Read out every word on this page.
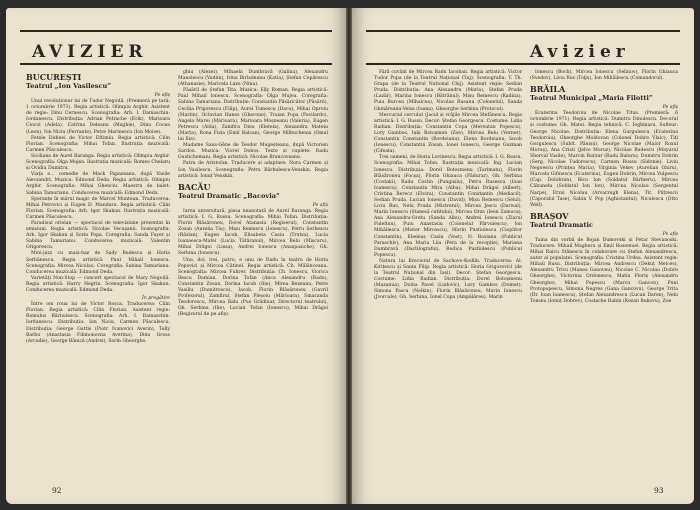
AVIZIER

BUCUREȘTI

Teatrul „Ion Vasilescu”

Pe afiș

Unul revoluționar lui de Tudor Negoiță. (Premieră pe țară: 1 octombrie 1971). Regia artistică: Olimpiu Arghir. Asistent de regie: Dinu Cernescu. Scenografia: Arh. I. Damaschin-Iordanescu. Distribuția: Adrian Petrache (Erik), Marioara Ciocoi (Adela), Catrina Deleanu (Maghie), Dinu Cocea (Leon), Ion Niciu (Ferrante), Petre Marinescu (Ion Moise).

Fetele Didinei de Victor Eftimiu. Regia artistică: Cilin Florian. Scenografia: Mihai Tofan. Ilustrația muzicală: Carmen Păsculescu.

Siciliana de Aurel Baranga. Regia artistică: Olimpiu Arghir. Scenografia: Olga Mujea. Ilustrația muzicală: Romeo Chelaru și Ovidiu Dumitru.

Viața e... comedie de Mack Papazeanu, după Vasile Alecsandri. Muzica: Edmond Deda. Regia artistică: Olimpiu Arghir. Scenografia: Mihai Ghenciu. Maestru de balet: Sabina Tamurianu. Conducerea muzicală: Edmond Deda.

Speranțe în mărul magic de Marcel Muntean. Traducerea: Mihai Petrovici și Eugen D. Mandaru. Regia artistică: Cilin Florian. Scenografia: Arh. Igor Skakun. Ilustrația muzicală: Carmen Păsculescu.

Paradisul oriolan — spectacol de televiziune prezentat în emisiuni. Regia artistică: Nicolae Vecușanii. Scenografia: Arh. Igor Skakun și Sorin Popa. Coregrafia: Sanda Fayer și Sabina Tamurianu. Conducerea muzicală: Valentin Grigorescu.

Mini-jazz cu maxi-haz de Sady Budescu și Horia Șerbănescu. Regia artistică: Paul Mihail Ionescu. Scenografia: Mircea Nicolau. Coregrafia: Sabina Tamurianu. Conducerea muzicală: Edmond Deda.

Varietăți Non-Stop — concert spectacol de Mary Negoiță. Regia artistică: Harry Negrin. Scenografia: Igor Skakun. Conducerea muzicală: Edmond Deda.

În pregătire

Între om roua lui de Victor Roșca. Traducerea: Cilin Florian. Regia artistică: Cilin Florian. Asistent regie: Romulus Bărbulescu. Scenografia: Arh. I. Damaschin-Iordanescu. Distribuția: Ion Niciu, Carmen Păsculescu. Distribuția: George Gattis (Piotr Ivanovici Averin), Telly Barbu (Anastasia Filimonovna Averina), Dinu Gross (Arcadie), George Bănică (Andrei), Sorin Gheorghe.

ghiu (Alexei), Mihaela Dumbravă (Galina), Alexandru Manolescu (Vadim), Irina Birladeanu (Katia), Ștefan Cepărescu (Athanasie), Maricela Lazu (Nina).

Păsăril de Ștefan Tita. Muzica: Elly Roman. Regia artistică: Paul Mihail Ionescu. Scenografia: Olga Mujea. Coregrafia: Sabina Tamurianu. Distribuție: Constantin Păsăricător (Păsăril), Cecilia Prigorescu (Filip), Aurel Tomescu (Dacu), Mihai Oproiu (Martin), Octavian Hanes (Gherone), Traian Popa (Pavilardo), Angela Marei (Mărioara), Marioara Moșneanu (Valeria), Eugen Petrescu (Alda), Zamfira Dieu (Eletela), Alexandra Mateiu (Marta), Rona Fizia (Emil Balcan), George Milbuchenia (Omul lui Ilie).

Madame Sans-Gêne de Teodor Mugeșteanu, după Victorien Sardou. Muzica: Viorel Doboș. Texte și cuplete: Radu Gustichemaiu. Regia artistică: Nicolae Brancoveanu.

Patru de Aristofan. Traducere și adaptare: Nora Carmen și Ion Vasilescu. Scenografia: Petru Bărbulescu-Venskin. Regia artistică: Ionuț Venskin.

BACĂU

Teatrul Dramatic „Bacovia”

Pe afiș

Iarna unversitară, piesa neanotată de Aurel Baranga. Regia artistică: I. G. Russu. Scenografia: Mihai Tofan. Distribuția: Florin Blăsăroneu, Dorel Atanasiu (Regiserul), Constantin Zosan (Aurelia Tiu), Mișu Remescu (Ionescu), Petru Șerbescu (Răzlan), Eugen Iacob, Elisabeta Casiu (Trutza), Lucia Ioanaesca-Mafei (Lucia Tătăranul), Mircea Belu (Mișcaru), Mihai Drăgoi (Lissa), Andrei Ionescu (Anaspasiche), Gh. Serbina (Ionescu).

Unu, doi, trei, patru, e unu de Radu la teatru de Horia Popovici și Mircea Cătinel. Regia artistică: Ch. Mălănceanu. Scenografia: Mircea Fuhrer. Distribuția: Ch. Ionescu, Viorica Ilescu Damian, Dorina Tofan (Anca Alexandru (Radu), Constantin Zosan, Dorina Iacob (Ilie), Mirea Rezeanu, Petre Vasiliu (Dumitrescu), Iacob, Florin Blăsăroneu (Gavril Profesorul), Zamfirul, Ștefan Pleșoiu (Mărioara), Smaranda Teodorescu, Mircea Balu (Pus Grădinar, Directorul teatrului), Gh. Serbina (Ilie), Lucian Tofan (Ionescu), Mihai Drăgoi (Regizorul de pe afiș).

92
Avizier

Fără cuvânt de Mircea Radu Iacoban. Regia artistică: Victor Tudor Popa (de la Teatrul Național Cluj). Scenografia: T. Th. Grapa (de la Teatrul Național Cluj). Asistent regie: Sedian Pruda. Distribuția: Ana Alexandru (Maria), Ștefan Pruda (Lazăr), Marina Ionescu (Bătrânul), Mișu Remescu (Radina), Puiu Burcea (Mihalcea), Nicolae Rusanu (Colonelul), Sanda Ghinăreanu-Veisa (Ioana), Gheorghe Serbina (Protocol).

Mercuriul cerculut (Jacul și vrăjile Mircea Ștefănescu. Regia artistică: I. G. Russu. Decor: Ștefan Georgescu. Costume: Lidia Radian. Distribuția: Constantin Copa (Mereutan Popescu), Lory Gambos, Iuki Botoșmen (Zoe), Mircea Belu (Verner), Constantin Constantin (Bordeianu), Elena Bordeianu, Iacob (Ionescu), Constantin Zosan, Ionel Ionescu, George Guzman (Cifeata).

Trei oameni, de Horia Lovinescu. Regia artistică: I. G. Russu. Scenografia: Mihai Tofan. Ilustrația muzicală: Ing. Lucian Ionescu. Distribuția: Dorel Botoșmenu (Tarlmatu), Florin Blăsăroneu (Focșa), Florin Ghiauca (Pădurar), Gh. Serbina (Costaki), Radu Costin (Pungașiu), Petru Rusescu (Ioan Ioanescu), Constantin Mira (Albu), Mihai Drăgoi (Albert), Cristina Berecz (Elvira), Constantin Constantin (Mediacil), Sedian Pruda, Lucian Ionescu (David), Mișu Remescu (Selul), Liviu Rus, Nelu Pruda (Mistretul), Mircea Jescu (Darwal), Marin Ionescu (Ștaneul cutitului), Mircea Orza (Ieon Zamoca), Ana Alexandru-Gretu (Sanda Albu), Andrei Ionescu (Ziarul Fideltuu), Puiu Anastasiu (Colonelul Pârvulescu), Ion Mihăilescu (Mister Mircescu), Sforin Pustiulescu (Cioplitor Constantin), Ebeleaș Casiu (Vest), N. Rosianu (Publicul Paraschiv), Ana Maria Liia (Pera de la recepție), Mariana Dumbravă (Dactilograful), Rodica Pustiulescu (Publicul Popescu).

Natura lui Kreciorul de Sachovo-Kodlin. Traducerea: Al. Kirițescu și Sanin Filip. Regia artistică: Horia Grigorovici (de la Teatrul Național din Iași). Decor: Ștefan Georgescu. Costume: Lidia Radian. Distribuția: Dorel Botoșmenu (Mazanua), Doina Pavel (Ludovic), Lory Gambos (Domer), Simona Pasca (Nelkin), Florin Blăsăroneu, Marin Ionescu (Jvorcale), Gh. Serbina, Ionel Copa (Ampălăreu), Marin

Ionescu (Bock), Mircea Ionescu (Selinov), Florin Ghiauca (Svedov), Liviu Rus (Tolju), Ion Mihăilescu (Comandorul).

BRĂILA

Teatrul Municipal „Maria Filotti”

Pe afiș

Ecaterina Teodoroiu de Nicolae Titus. (Premieră: 6 octombrie 1971). Regia artistică: Dumitru Dinulescu. Decorul și costume: Gh. Matei. Regia tehnică: C. Ioghinaru. Sufleur: George Nicolae. Distribuția: Elena Gurgulescu (Ecaterina Teodoroiu), Gheorghe Moldovan (Colonel Dobre Vlaic), Tiți Gorgulescu (Sublt. Pânișu), George Nicolae (Maior Roxul Moruș), Ana Cristi (Jelve Moruz), Nicolae Budescu (Mayurul Sherval Vasile), Marcin Burzur (Radu Buluru), Dumitru Dobrin (Serg. Nicolae Tudorescu), Carmen Russu (Sidonie), Liviu Negoescu (Prințea Maria), Virginia Vekev (Aurelian Ghiru), Marcela Gifinescu (Ecaterina), Eugen Dobrin, Mircea Vulpescu (Cap. Dolobran), Bicu Ion (Soldatul Bărbieru), Mircea Căbunelu (Soldatul Ion Ion), Mircea Nicolau (Sergentul Narpe), Erzsi Nicolau (Arvarzugh Elena), Tit. Pătrescu (Caporalul Tase), Sabin V. Pop (Aghiotantul), Niculescu (Otto Weil).

BRAȘOV

Teatrul Dramatic

Pe afiș

Taina din vorbă de Bojan Dumovski și Petar Stevanoski. Traducere: Mihail Magheru și Emil Rosemuel. Regia artistică: Mihai Raicu Stănescu în colaborare cu Ștefan Alexandrescu, autor al populaței. Scenografia: Cristina Urdea. Asistent regie: Mihail Rusu. Distribuția: Mircea Andrescu (Dekuț Melces), Alexandru Tricu (Manea Ganoveu), Nicolae C. Nicolau (Dobre Gheorghe), Victorina Ordonescu, Matia Floriș (Alexandru Gheorghe), Mihai Popescu (Marcu Gancon), Puni Protopopescu, Simona Negres (Gana Gancovu), George Trita (Dr. Ioan Ioanescu), Ștefan Alexandrescu (Lucan Daren), Nelu Tonsea (Ionuț Dobrev), Costache Rabin (Kezan Bukovu), Zoe

93
